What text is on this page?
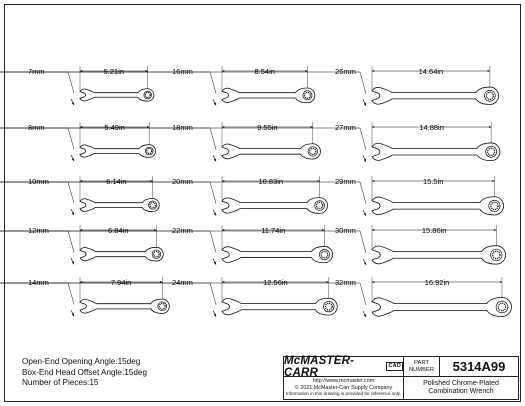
7mm	5.21in
8mm	5.49in
10mm	6.14in
12mm	6.84in
14mm	7.94in
16mm	8.54in
18mm	9.55in
20mm	10.83in
22mm	11.74in
24mm	12.56in
26mm	14.64in
27mm	14.88in
29mm	15.5in
30mm	15.86in
32mm	16.92in
Open-End Opening Angle:15deg
Box-End Head Offset Angle:15deg
Number of Pieces:15
McMASTER-CARR
CAD
http://www.mcmaster.com
© 2021 McMaster-Carr Supply Company
Information in this drawing is provided for reference only.
PART
NUMBER	5314A99
Polished Chrome-Plated
Combination Wrench
